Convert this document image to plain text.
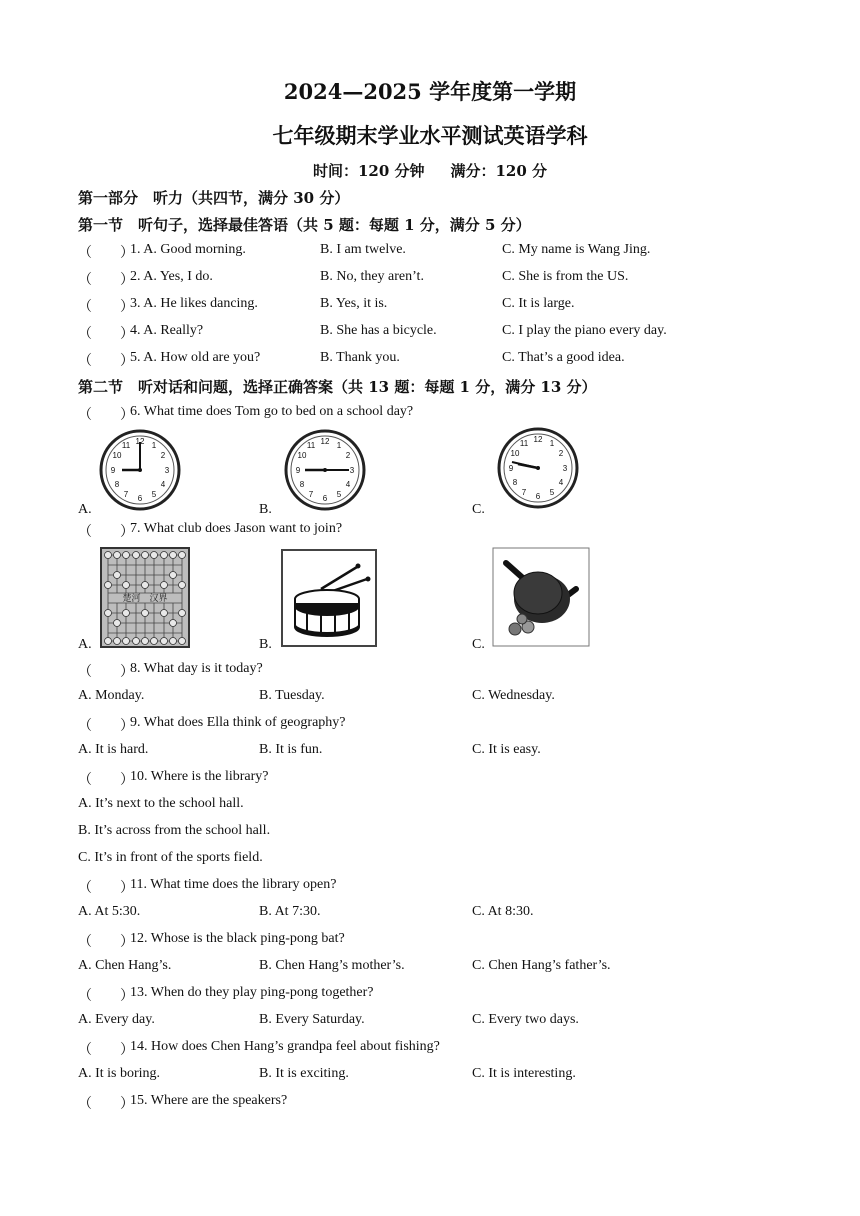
2024—2025 学年度第一学期
七年级期末学业水平测试英语学科
时间：120 分钟 满分：120 分
第一部分　听力（共四节，满分 30 分）
第一节　听句子，选择最佳答语（共 5 题：每题 1 分，满分 5 分）
（　　）
1. A. Good morning.	B. I am twelve.	C. My name is Wang Jing.
（　　）
2. A. Yes, I do.	B. No, they aren’t.	C. She is from the US.
（　　）
3. A. He likes dancing.	B. Yes, it is.	C. It is large.
（　　）
4. A. Really?	B. She has a bicycle.	C. I play the piano every day.
（　　）
5. A. How old are you?	B. Thank you.	C. That’s a good idea.
第二节　听对话和问题，选择正确答案（共 13 题：每题 1 分，满分 13 分）
（　　）
6. What time does Tom go to bed on a school day?
A.
12 1
2
3
4
5
6
7
8
9
10
11
B.
12 1
2
3
4
5
6
7
8
9
10
11
C.
12 1
2
3
4
5
6
7
8
9
10
11
（　　）
7. What club does Jason want to join?
A.
楚河　汉界
B.	C.
（　　）
8. What day is it today?
A. Monday.	B. Tuesday.	C. Wednesday.
（　　）
9. What does Ella think of geography?
A. It is hard.	B. It is fun.	C. It is easy.
（　　）
10. Where is the library?
A. It’s next to the school hall.
B. It’s across from the school hall.
C. It’s in front of the sports field.
（　　）
11. What time does the library open?
A. At 5:30.	B. At 7:30.	C. At 8:30.
（　　）
12. Whose is the black ping-pong bat?
A. Chen Hang’s.	B. Chen Hang’s mother’s.	C. Chen Hang’s father’s.
（　　）
13. When do they play ping-pong together?
A. Every day.	B. Every Saturday.	C. Every two days.
（　　）
14. How does Chen Hang’s grandpa feel about fishing?
A. It is boring.	B. It is exciting.	C. It is interesting.
（　　）
15. Where are the speakers?
